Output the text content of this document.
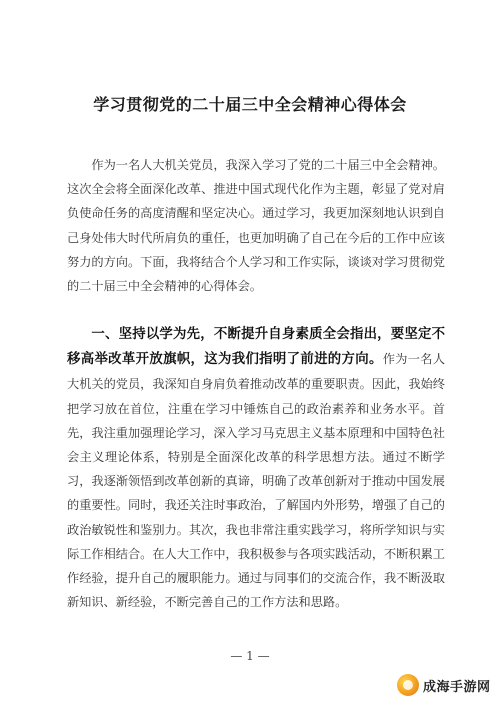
学习贯彻党的二十届三中全会精神心得体会

作为一名人大机关党员，我深入学习了党的二十届三中全会精神。这次全会将全面深化改革、推进中国式现代化作为主题，彰显了党对肩负使命任务的高度清醒和坚定决心。通过学习，我更加深刻地认识到自己身处伟大时代所肩负的重任，也更加明确了自己在今后的工作中应该努力的方向。下面，我将结合个人学习和工作实际，谈谈对学习贯彻党的二十届三中全会精神的心得体会。

一、坚持以学为先，不断提升自身素质全会指出，要坚定不移高举改革开放旗帜，这为我们指明了前进的方向。作为一名人大机关的党员，我深知自身肩负着推动改革的重要职责。因此，我始终把学习放在首位，注重在学习中锤炼自己的政治素养和业务水平。首先，我注重加强理论学习，深入学习马克思主义基本原理和中国特色社会主义理论体系，特别是全面深化改革的科学思想方法。通过不断学习，我逐渐领悟到改革创新的真谛，明确了改革创新对于推动中国发展的重要性。同时，我还关注时事政治，了解国内外形势，增强了自己的政治敏锐性和鉴别力。其次，我也非常注重实践学习，将所学知识与实际工作相结合。在人大工作中，我积极参与各项实践活动，不断积累工作经验，提升自己的履职能力。通过与同事们的交流合作，我不断汲取新知识、新经验，不断完善自己的工作方法和思路。

— 1 —
成海手游网
